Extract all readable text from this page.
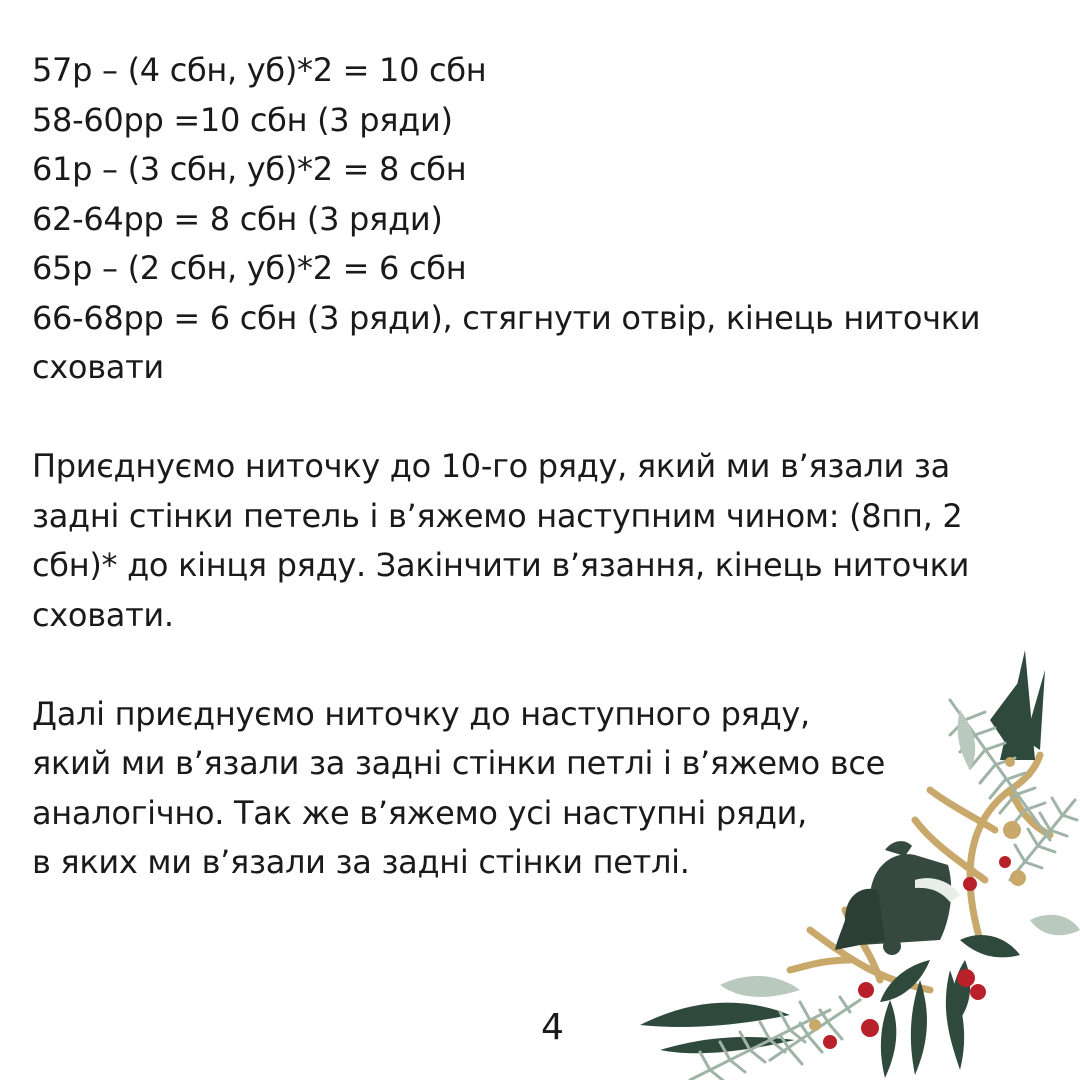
57р – (4 сбн, уб)*2 = 10 сбн
58-60рр =10 сбн (3 ряди)
61р – (3 сбн, уб)*2 = 8 сбн
62-64рр = 8 сбн (3 ряди)
65р – (2 сбн, уб)*2 = 6 сбн
66-68рр = 6 сбн (3 ряди), стягнути отвір, кінець ниточки
сховати
Приєднуємо ниточку до 10-го ряду, який ми в’язали за
задні стінки петель і в’яжемо наступним чином: (8пп, 2
сбн)* до кінця ряду. Закінчити в’язання, кінець ниточки
сховати.
Далі приєднуємо ниточку до наступного ряду,
який ми в’язали за задні стінки петлі і в’яжемо все
аналогічно. Так же в’яжемо усі наступні ряди,
в яких ми в’язали за задні стінки петлі.
4
